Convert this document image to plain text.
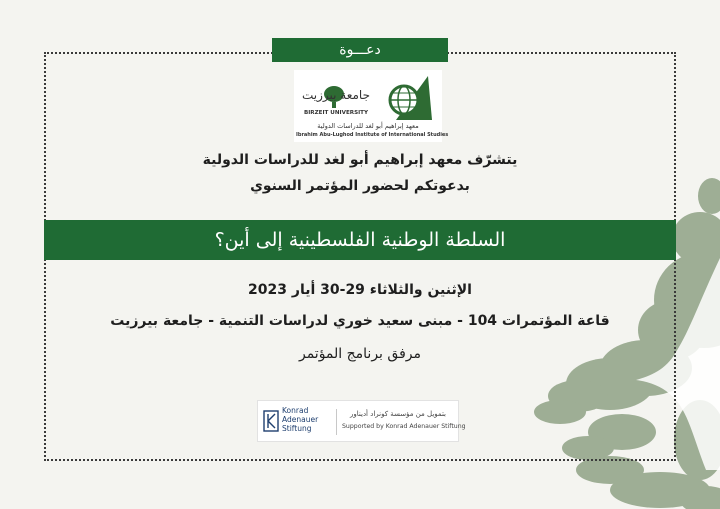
دعـــوة
جامعة بيرزيت
BIRZEIT UNIVERSITY
معهد إبراهيم أبو لغد للدراسات الدولية
Ibrahim Abu-Lughod Institute of International Studies
يتشرّف معهد إبراهيم أبو لغد للدراسات الدولية
بدعوتكم لحضور المؤتمر السنوي
السلطة الوطنية الفلسطينية إلى أين؟
الإثنين والثلاثاء 29-30 أيار 2023
قاعة المؤتمرات 104 - مبنى سعيد خوري لدراسات التنمية - جامعة بيرزيت
مرفق برنامج المؤتمر
Konrad
Adenauer
Stiftung
بتمويل من مؤسسة كونراد أديناور
Supported by Konrad Adenauer Stiftung
